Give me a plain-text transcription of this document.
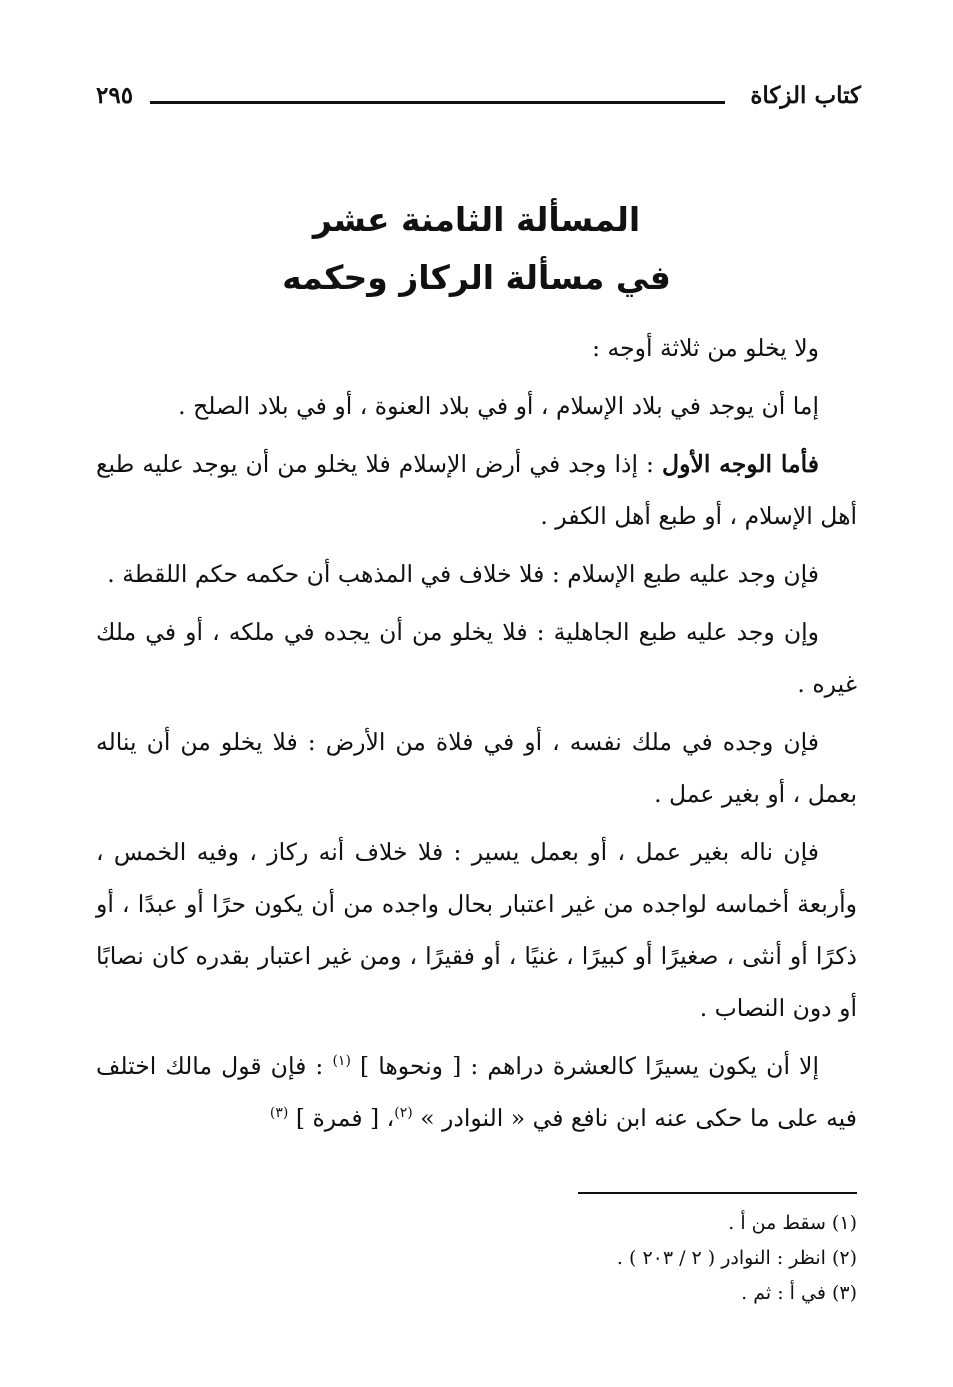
كتاب الزكاة
٢٩٥
المسألة الثامنة عشر
في مسألة الركاز وحكمه

ولا يخلو من ثلاثة أوجه :

إما أن يوجد في بلاد الإسلام ، أو في بلاد العنوة ، أو في بلاد الصلح .

فأما الوجه الأول : إذا وجد في أرض الإسلام فلا يخلو من أن يوجد عليه طبع أهل الإسلام ، أو طبع أهل الكفر .

فإن وجد عليه طبع الإسلام : فلا خلاف في المذهب أن حكمه حكم اللقطة .

وإن وجد عليه طبع الجاهلية : فلا يخلو من أن يجده في ملكه ، أو في ملك غيره .

فإن وجده في ملك نفسه ، أو في فلاة من الأرض : فلا يخلو من أن يناله بعمل ، أو بغير عمل .

فإن ناله بغير عمل ، أو بعمل يسير : فلا خلاف أنه ركاز ، وفيه الخمس ، وأربعة أخماسه لواجده من غير اعتبار بحال واجده من أن يكون حرًا أو عبدًا ، أو ذكرًا أو أنثى ، صغيرًا أو كبيرًا ، غنيًا ، أو فقيرًا ، ومن غير اعتبار بقدره كان نصابًا أو دون النصاب .

إلا أن يكون يسيرًا كالعشرة دراهم : [ ونحوها ] $^{(١)}$ : فإن قول مالك اختلف فيه على ما حكى عنه ابن نافع في « النوادر » $^{(٢)}$، [ فمرة ] $^{(٣)}$

(١) سقط من أ .
(٢) انظر : النوادر ( ٢ / ٢٠٣ ) .
(٣) في أ : ثم .
